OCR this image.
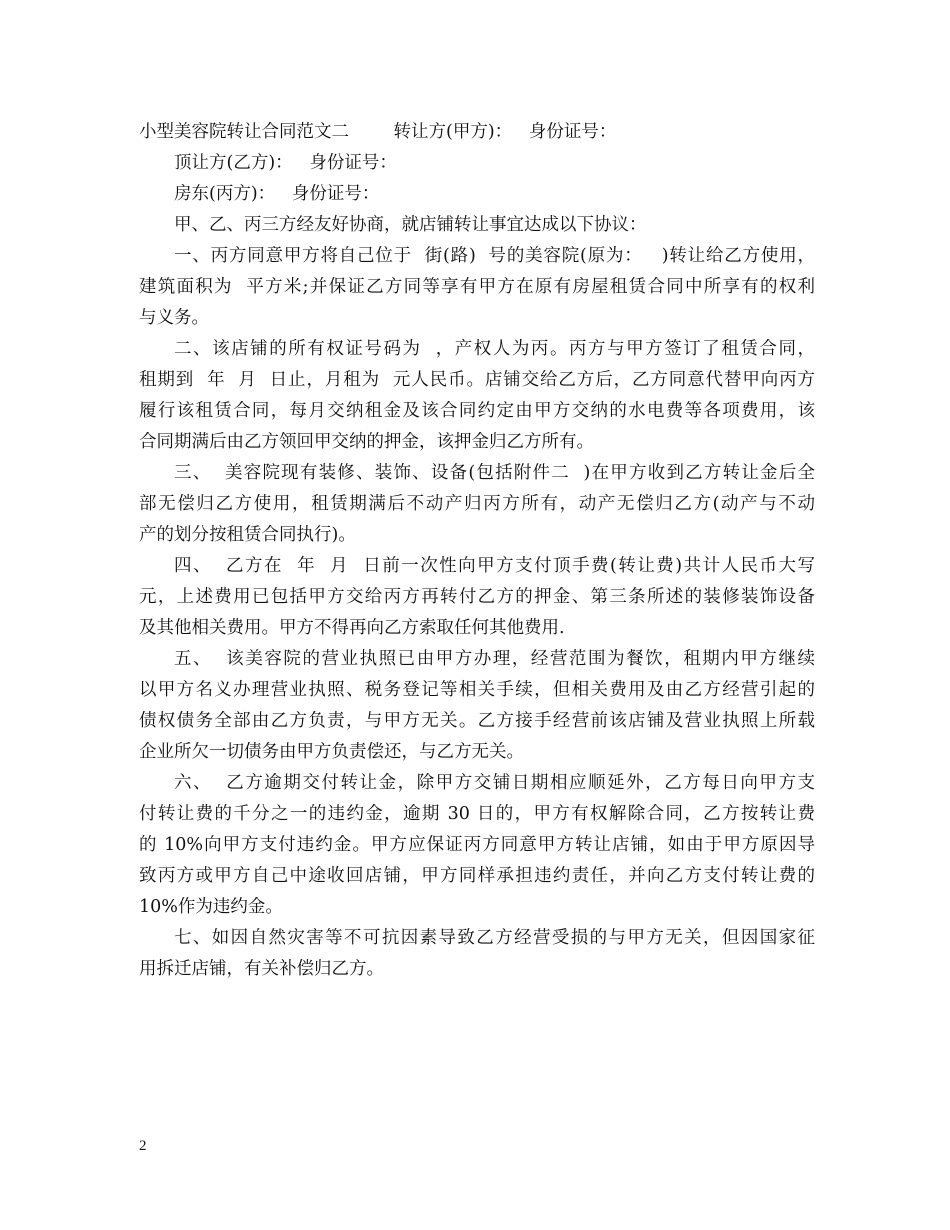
小型美容院转让合同范文二        转让方(甲方)：   身份证号：
顶让方(乙方)：   身份证号：
房东(丙方)：   身份证号：
甲、乙、丙三方经友好协商，就店铺转让事宜达成以下协议：
一、丙方同意甲方将自己位于  街(路)  号的美容院(原为：   )转让给乙方使用，
建筑面积为  平方米;并保证乙方同等享有甲方在原有房屋租赁合同中所享有的权利
与义务。
二、该店铺的所有权证号码为  ，产权人为丙。丙方与甲方签订了租赁合同，
租期到  年  月  日止，月租为  元人民币。店铺交给乙方后，乙方同意代替甲向丙方
履行该租赁合同，每月交纳租金及该合同约定由甲方交纳的水电费等各项费用，该
合同期满后由乙方领回甲交纳的押金，该押金归乙方所有。
三、  美容院现有装修、装饰、设备(包括附件二  )在甲方收到乙方转让金后全
部无偿归乙方使用，租赁期满后不动产归丙方所有，动产无偿归乙方(动产与不动
产的划分按租赁合同执行)。
四、  乙方在  年  月  日前一次性向甲方支付顶手费(转让费)共计人民币大写
元，上述费用已包括甲方交给丙方再转付乙方的押金、第三条所述的装修装饰设备
及其他相关费用。甲方不得再向乙方索取任何其他费用.
五、  该美容院的营业执照已由甲方办理，经营范围为餐饮，租期内甲方继续
以甲方名义办理营业执照、税务登记等相关手续，但相关费用及由乙方经营引起的
债权债务全部由乙方负责，与甲方无关。乙方接手经营前该店铺及营业执照上所载
企业所欠一切债务由甲方负责偿还，与乙方无关。
六、  乙方逾期交付转让金，除甲方交铺日期相应顺延外，乙方每日向甲方支
付转让费的千分之一的违约金，逾期 30 日的，甲方有权解除合同，乙方按转让费
的 10%向甲方支付违约金。甲方应保证丙方同意甲方转让店铺，如由于甲方原因导
致丙方或甲方自己中途收回店铺，甲方同样承担违约责任，并向乙方支付转让费的
10%作为违约金。
七、如因自然灾害等不可抗因素导致乙方经营受损的与甲方无关，但因国家征
用拆迁店铺，有关补偿归乙方。
2
